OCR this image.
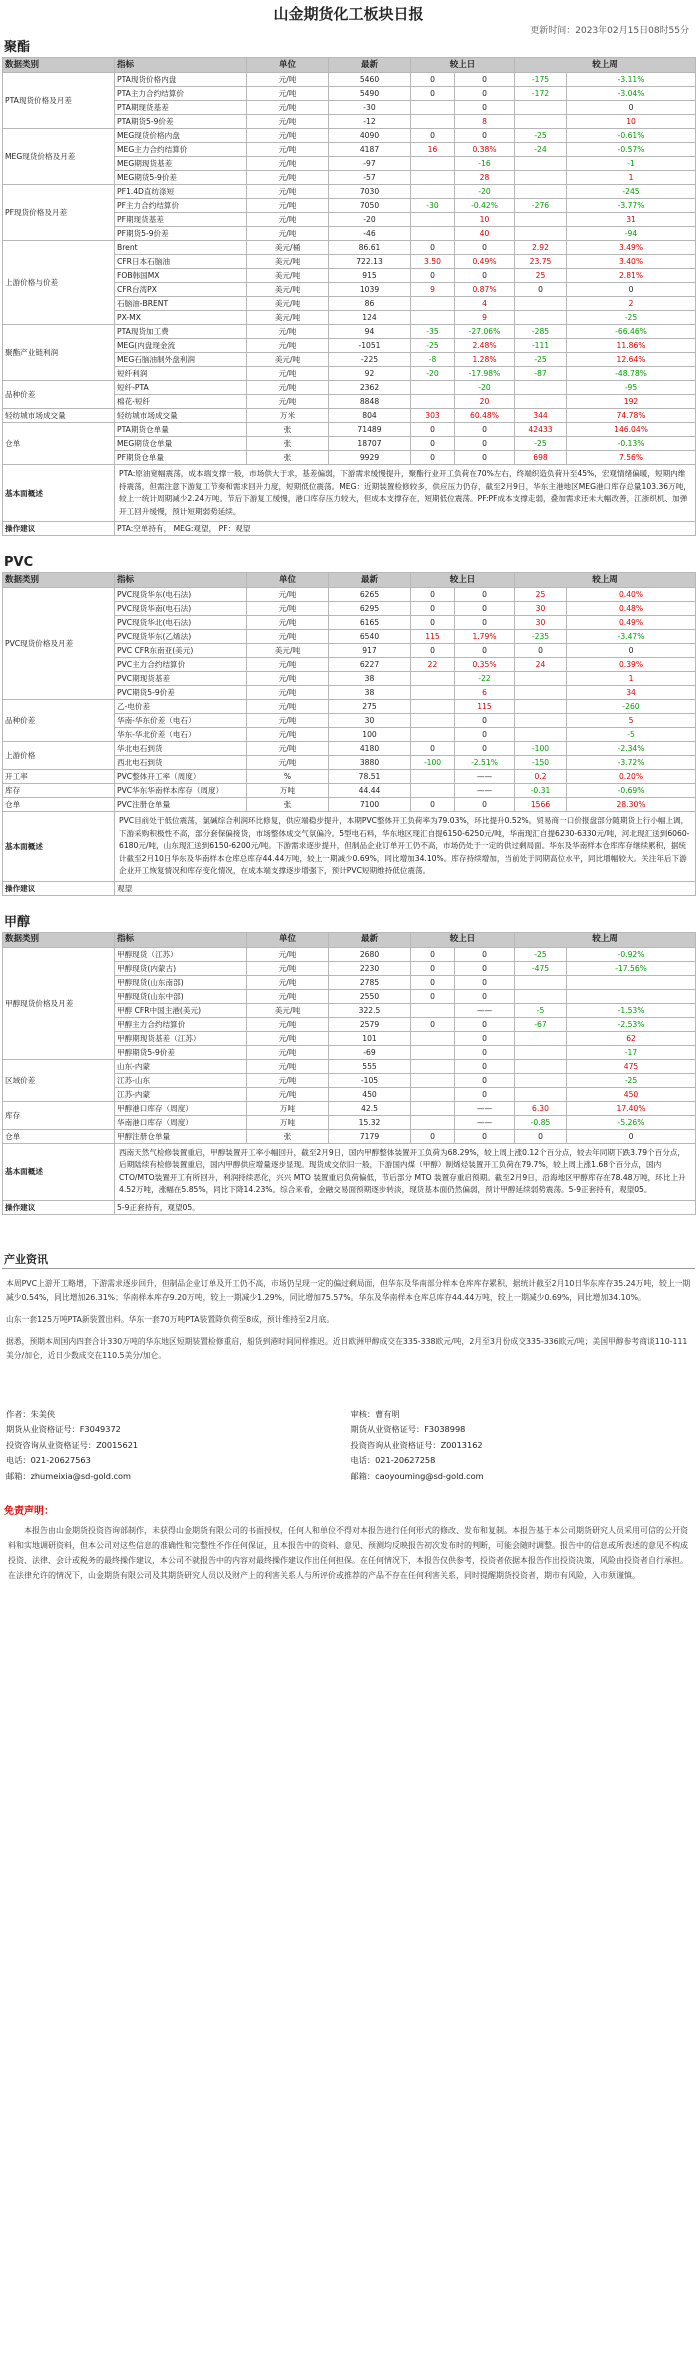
山金期货化工板块日报
更新时间：2023年02月15日08时55分
聚酯
数据类别	指标	单位	最新	较上日		较上周	
PTA现货价格及月差	PTA现货价格内盘	元/吨	5460	0	0	-175	-3.11%
	PTA主力合约结算价	元/吨	5490	0	0	-172	-3.04%
	PTA期现货基差	元/吨	-30		0		0
	PTA期货5-9价差	元/吨	-12		8		10
MEG现货价格及月差	MEG现货价格内盘	元/吨	4090	0	0	-25	-0.61%
	MEG主力合约结算价	元/吨	4187	16	0.38%	-24	-0.57%
	MEG期现货基差	元/吨	-97		-16		-1
	MEG期货5-9价差	元/吨	-57		28		1
PF现货价格及月差	PF1.4D直纺涤短	元/吨	7030		-20		-245
	PF主力合约结算价	元/吨	7050	-30	-0.42%	-276	-3.77%
	PF期现货基差	元/吨	-20		10		31
	PF期货5-9价差	元/吨	-46		40		-94
上游价格与价差	Brent	美元/桶	86.61	0	0	2.92	3.49%
	CFR日本石脑油	美元/吨	722.13	3.50	0.49%	23.75	3.40%
	FOB韩国MX	美元/吨	915	0	0	25	2.81%
	CFR台湾PX	美元/吨	1039	9	0.87%	0	0
	石脑油-BRENT	美元/吨	86		4		2
	PX-MX	美元/吨	124		9		-25
聚酯产业链利润	PTA现货加工费	元/吨	94	-35	-27.06%	-285	-66.46%
	MEG(内盘现金流	元/吨	-1051	-25	2.48%	-111	11.86%
	MEG石脑油制外盘利润	美元/吨	-225	-8	1.28%	-25	12.64%
	短纤利润	元/吨	92	-20	-17.98%	-87	-48.78%
品种价差	短纤-PTA	元/吨	2362		-20		-95
	棉花-短纤	元/吨	8848		20		192
轻纺城市场成交量	轻纺城市场成交量	万米	804	303	60.48%	344	74.78%
仓单	PTA期货仓单量	张	71489	0	0	42433	146.04%
	MEG期货仓单量	张	18707	0	0	-25	-0.13%
	PF期货仓单量	张	9929	0	0	698	7.56%
基本面概述	PTA:原油宽幅震荡，成本端支撑一般，市场供大于求，基差偏弱，下游需求缓慢提升，聚酯行业开工负荷在70%左右，终端织造负荷升至45%，宏观情绪偏暖，短期内维持震荡，但需注意下游复工节奏和需求回升力度，短期低位震荡。MEG：近期装置检修较多，供应压力仍存，截至2月9日，华东主港地区MEG港口库存总量103.36万吨，较上一统计周期减少2.24万吨。节后下游复工缓慢，港口库存压力较大，但成本支撑存在，短期低位震荡。PF:PF成本支撑走弱，叠加需求还未大幅改善，江浙织机、加弹开工回升缓慢，预计短期弱势延续。						
操作建议	PTA:空单持有， MEG:观望， PF：观望						
PVC
数据类别	指标	单位	最新	较上日		较上周	
PVC现货价格及月差	PVC现货华东(电石法)	元/吨	6265	0	0	25	0.40%
	PVC现货华南(电石法)	元/吨	6295	0	0	30	0.48%
	PVC现货华北(电石法)	元/吨	6165	0	0	30	0.49%
	PVC现货华东(乙烯法)	元/吨	6540	115	1.79%	-235	-3.47%
	PVC CFR东南亚(美元)	美元/吨	917	0	0	0	0
	PVC主力合约结算价	元/吨	6227	22	0.35%	24	0.39%
	PVC期现货基差	元/吨	38		-22		1
	PVC期货5-9价差	元/吨	38		6		34
品种价差	乙-电价差	元/吨	275		115		-260
	华南-华东价差（电石）	元/吨	30		0		5
	华东-华北价差（电石）	元/吨	100		0		-5
上游价格	华北电石到货	元/吨	4180	0	0	-100	-2.34%
	西北电石到货	元/吨	3880	-100	-2.51%	-150	-3.72%
开工率	PVC整体开工率（周度）	%	78.51		——	0.2	0.20%
库存	PVC华东华南样本库存（周度）	万吨	44.44		——	-0.31	-0.69%
仓单	PVC注册仓单量	张	7100	0	0	1566	28.30%
基本面概述	PVC目前处于低位震荡，氯碱综合利润环比修复，供应端稳步提升，本期PVC整体开工负荷率为79.03%，环比提升0.52%。贸易商一口价报盘部分随期货上行小幅上调，下游采购积极性不高，部分套保偏接货，市场整体成交气氛偏冷。5型电石料，华东地区现汇自提6150-6250元/吨，华南现汇自提6230-6330元/吨，河北现汇送到6060-6180元/吨，山东现汇送到6150-6200元/吨。下游需求逐步提升，但制品企业订单开工仍不高，市场仍处于一定的供过剩局面。华东及华南样本仓库库存继续累积，据统计截至2月10日华东及华南样本仓库总库存44.44万吨，较上一期减少0.69%，同比增加34.10%。库存持续增加，当前处于同期高位水平，同比增幅较大。关注年后下游企业开工恢复情况和库存变化情况，在成本端支撑逐步增强下，预计PVC短期维持低位震荡。						
操作建议	观望						
甲醇
数据类别	指标	单位	最新	较上日		较上周	
甲醇现货价格及月差	甲醇现货（江苏）	元/吨	2680	0	0	-25	-0.92%
	甲醇现货(内蒙古)	元/吨	2230	0	0	-475	-17.56%
	甲醇现货(山东南部)	元/吨	2785	0	0		
	甲醇现货(山东中部)	元/吨	2550	0	0		
	甲醇 CFR中国主港(美元)	美元/吨	322.5		——	-5	-1.53%
	甲醇主力合约结算价	元/吨	2579	0	0	-67	-2.53%
	甲醇期现货基差（江苏）	元/吨	101		0		62
	甲醇期货5-9价差	元/吨	-69		0		-17
区域价差	山东-内蒙	元/吨	555		0		475
	江苏-山东	元/吨	-105		0		-25
	江苏-内蒙	元/吨	450		0		450
库存	甲醇港口库存（周度）	万吨	42.5		——	6.30	17.40%
	华南港口库存（周度）	万吨	15.32		——	-0.85	-5.26%
仓单	甲醇注册仓单量	张	7179	0	0	0	0
基本面概述	西南天然气检修装置重启，甲醇装置开工率小幅回升，截至2月9日，国内甲醇整体装置开工负荷为68.29%，较上周上涨0.12个百分点，较去年同期下跌3.79个百分点，后期陆续有检修装置重启，国内甲醇供应增量逐步显现。现货成交依旧一般，下游国内煤（甲醇）制烯烃装置开工负荷在79.7%，较上周上涨1.68个百分点，国内CTO/MTO装置开工有所回升，利润持续恶化，兴兴 MTO 装置重启负荷偏低，节后部分 MTO 装置存重启预期。截至2月9日，沿海地区甲醇库存在78.48万吨，环比上升4.52万吨，涨幅在5.85%，同比下降14.23%。综合来看，金融交易面预期逐步转淡，现货基本面仍然偏弱，预计甲醇延续弱势震荡。5-9正套持有，观望05。						
操作建议	5-9正套持有，观望05。						
产业资讯
本周PVC上游开工略增，下游需求逐步回升，但制品企业订单及开工仍不高，市场仍呈现一定的偏过剩局面，但华东及华南部分样本仓库库存累积，据统计截至2月10日华东库存35.24万吨，较上一期减少0.54%，同比增加26.31%；华南样本库存9.20万吨，较上一期减少1.29%，同比增加75.57%。华东及华南样本仓库总库存44.44万吨，较上一期减少0.69%，同比增加34.10%。
山东一套125万吨PTA新装置出料。华东一套70万吨PTA装置降负荷至8成，预计维持至2月底。
据悉，预期本周国内四套合计330万吨的华东地区短期装置检修重启，船货到港时间同样推迟。近日欧洲甲醇成交在335-338欧元/吨，2月至3月份成交335-336欧元/吨；美国甲醇参考商谈110-111美分/加仑，近日少数成交在110.5美分/加仑。
作者：朱美侠
期货从业资格证号：F3049372
投资咨询从业资格证号：Z0015621
电话：021-20627563
邮箱：zhumeixia@sd-gold.com
审核：曹有明
期货从业资格证号：F3038998
投资咨询从业资格证号：Z0013162
电话：021-20627258
邮箱：caoyouming@sd-gold.com
免责声明：
本报告由山金期货投资咨询部制作，未获得山金期货有限公司的书面授权，任何人和单位不得对本报告进行任何形式的修改、发布和复制。本报告基于本公司期货研究人员采用可信的公开资料和实地调研资料，但本公司对这些信息的准确性和完整性不作任何保证，且本报告中的资料、意见、预测均反映报告初次发布时的判断，可能会随时调整。报告中的信息或所表述的意见不构成投资、法律、会计或税务的最终操作建议，本公司不就报告中的内容对最终操作建议作出任何担保。在任何情况下，本报告仅供参考，投资者依据本报告作出投资决策，风险由投资者自行承担。在法律允许的情况下，山金期货有限公司及其期货研究人员以及财产上的利害关系人与所评价或推荐的产品不存在任何利害关系，同时提醒期货投资者，期市有风险，入市须谨慎。
